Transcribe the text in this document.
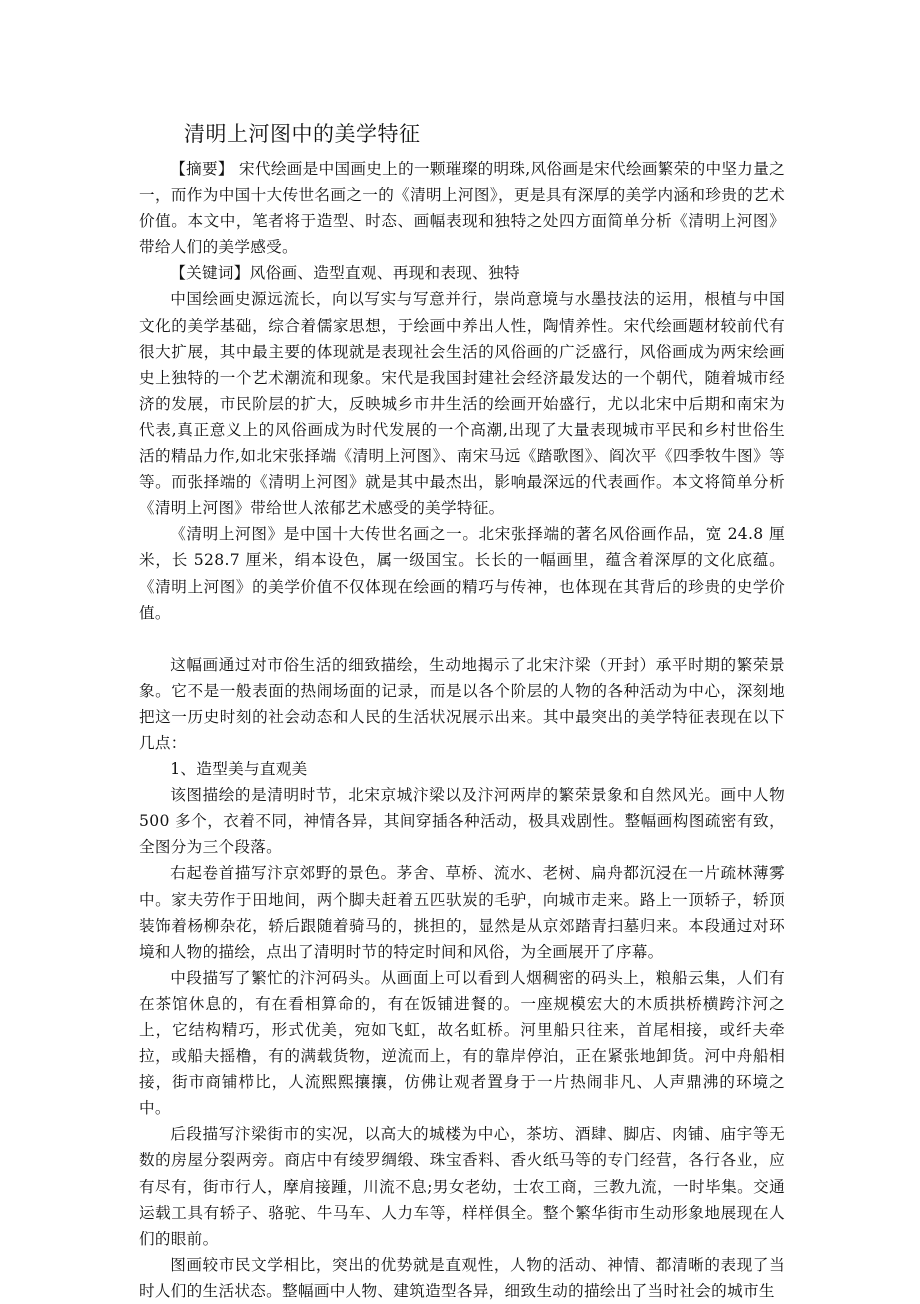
清明上河图中的美学特征

【摘要】 宋代绘画是中国画史上的一颗璀璨的明珠,风俗画是宋代绘画繁荣的中坚力量之一，而作为中国十大传世名画之一的《清明上河图》，更是具有深厚的美学内涵和珍贵的艺术价值。本文中，笔者将于造型、时态、画幅表现和独特之处四方面简单分析《清明上河图》带给人们的美学感受。

【关键词】风俗画、造型直观、再现和表现、独特

中国绘画史源远流长，向以写实与写意并行，崇尚意境与水墨技法的运用，根植与中国文化的美学基础，综合着儒家思想，于绘画中养出人性，陶情养性。宋代绘画题材较前代有很大扩展，其中最主要的体现就是表现社会生活的风俗画的广泛盛行，风俗画成为两宋绘画史上独特的一个艺术潮流和现象。宋代是我国封建社会经济最发达的一个朝代，随着城市经济的发展，市民阶层的扩大，反映城乡市井生活的绘画开始盛行，尤以北宋中后期和南宋为代表,真正意义上的风俗画成为时代发展的一个高潮,出现了大量表现城市平民和乡村世俗生活的精品力作,如北宋张择端《清明上河图》、南宋马远《踏歌图》、阎次平《四季牧牛图》等等。而张择端的《清明上河图》就是其中最杰出，影响最深远的代表画作。本文将简单分析《清明上河图》带给世人浓郁艺术感受的美学特征。

《清明上河图》是中国十大传世名画之一。北宋张择端的著名风俗画作品，宽 24.8 厘米，长 528.7 厘米，绢本设色，属一级国宝。长长的一幅画里，蕴含着深厚的文化底蕴。《清明上河图》的美学价值不仅体现在绘画的精巧与传神，也体现在其背后的珍贵的史学价值。

这幅画通过对市俗生活的细致描绘，生动地揭示了北宋汴梁（开封）承平时期的繁荣景象。它不是一般表面的热闹场面的记录，而是以各个阶层的人物的各种活动为中心，深刻地把这一历史时刻的社会动态和人民的生活状况展示出来。其中最突出的美学特征表现在以下几点：

1、造型美与直观美

该图描绘的是清明时节，北宋京城汴梁以及汴河两岸的繁荣景象和自然风光。画中人物 500 多个，衣着不同，神情各异，其间穿插各种活动，极具戏剧性。整幅画构图疏密有致，全图分为三个段落。

右起卷首描写汴京郊野的景色。茅舍、草桥、流水、老树、扁舟都沉浸在一片疏林薄雾中。家夫劳作于田地间，两个脚夫赶着五匹驮炭的毛驴，向城市走来。路上一顶轿子，轿顶装饰着杨柳杂花，轿后跟随着骑马的，挑担的，显然是从京郊踏青扫墓归来。本段通过对环境和人物的描绘，点出了清明时节的特定时间和风俗，为全画展开了序幕。

中段描写了繁忙的汴河码头。从画面上可以看到人烟稠密的码头上，粮船云集，人们有在茶馆休息的，有在看相算命的，有在饭铺进餐的。一座规模宏大的木质拱桥横跨汴河之上，它结构精巧，形式优美，宛如飞虹，故名虹桥。河里船只往来，首尾相接，或纤夫牵拉，或船夫摇橹，有的满载货物，逆流而上，有的靠岸停泊，正在紧张地卸货。河中舟船相接，街市商铺栉比，人流熙熙攘攘，仿佛让观者置身于一片热闹非凡、人声鼎沸的环境之中。

后段描写汴梁街市的实况，以高大的城楼为中心，茶坊、酒肆、脚店、肉铺、庙宇等无数的房屋分裂两旁。商店中有绫罗绸缎、珠宝香料、香火纸马等的专门经营，各行各业，应有尽有，街市行人，摩肩接踵，川流不息;男女老幼，士农工商，三教九流，一时毕集。交通运载工具有轿子、骆驼、牛马车、人力车等，样样俱全。整个繁华街市生动形象地展现在人们的眼前。

图画较市民文学相比，突出的优势就是直观性，人物的活动、神情、都清晰的表现了当时人们的生活状态。整幅画中人物、建筑造型各异，细致生动的描绘出了当时社会的城市生
